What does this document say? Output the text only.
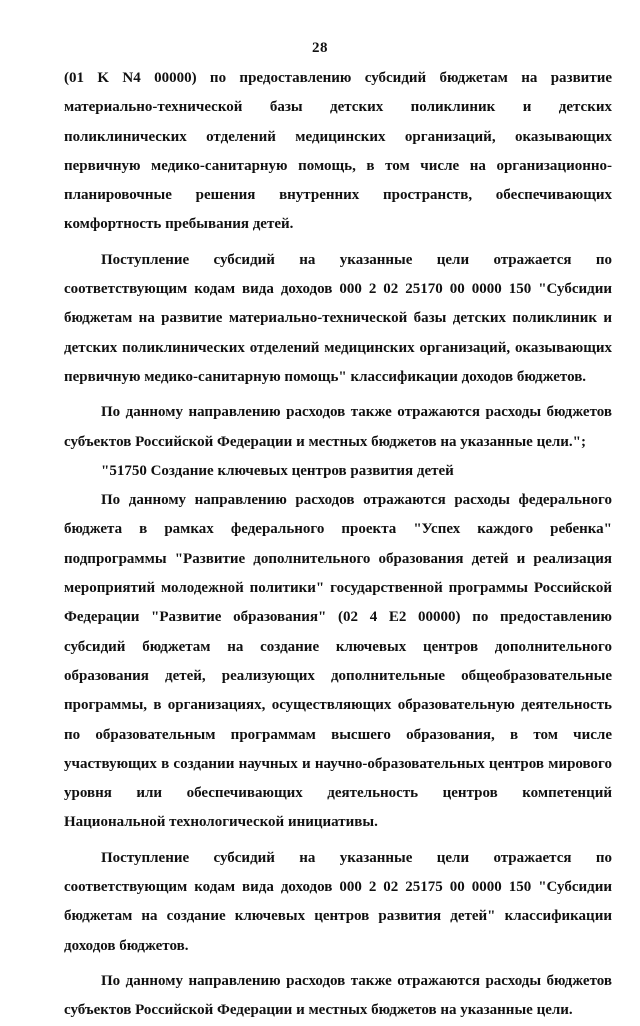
28

(01 K N4 00000) по предоставлению субсидий бюджетам на развитие материально-технической базы детских поликлиник и детских поликлинических отделений медицинских организаций, оказывающих первичную медико-санитарную помощь, в том числе на организационно-планировочные решения внутренних пространств, обеспечивающих комфортность пребывания детей.

Поступление субсидий на указанные цели отражается по соответствующим кодам вида доходов 000 2 02 25170 00 0000 150 "Субсидии бюджетам на развитие материально-технической базы детских поликлиник и детских поликлинических отделений медицинских организаций, оказывающих первичную медико-санитарную помощь" классификации доходов бюджетов.

По данному направлению расходов также отражаются расходы бюджетов субъектов Российской Федерации и местных бюджетов на указанные цели.";

"51750 Создание ключевых центров развития детей

По данному направлению расходов отражаются расходы федерального бюджета в рамках федерального проекта "Успех каждого ребенка" подпрограммы "Развитие дополнительного образования детей и реализация мероприятий молодежной политики" государственной программы Российской Федерации "Развитие образования" (02 4 E2 00000) по предоставлению субсидий бюджетам на создание ключевых центров дополнительного образования детей, реализующих дополнительные общеобразовательные программы, в организациях, осуществляющих образовательную деятельность по образовательным программам высшего образования, в том числе участвующих в создании научных и научно-образовательных центров мирового уровня или обеспечивающих деятельность центров компетенций Национальной технологической инициативы.

Поступление субсидий на указанные цели отражается по соответствующим кодам вида доходов 000 2 02 25175 00 0000 150 "Субсидии бюджетам на создание ключевых центров развития детей" классификации доходов бюджетов.

По данному направлению расходов также отражаются расходы бюджетов субъектов Российской Федерации и местных бюджетов на указанные цели.
